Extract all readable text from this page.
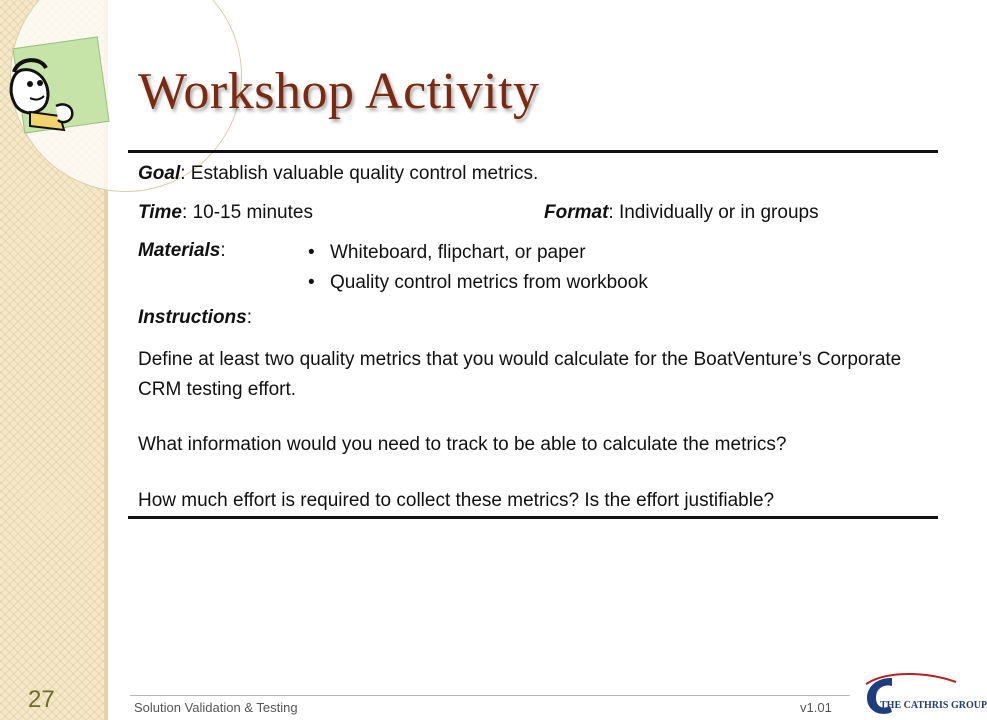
Workshop Activity
Goal: Establish valuable quality control metrics.
Time: 10-15 minutes	Format: Individually or in groups
Materials:
•	Whiteboard, flipchart, or paper
• Quality control metrics from workbook
Instructions:
Define at least two quality metrics that you would calculate for the BoatVenture’s Corporate CRM testing effort.
What information would you need to track to be able to calculate the metrics?
How much effort is required to collect these metrics? Is the effort justifiable?
27	Solution Validation & Testing	v1.01	THE CATHRIS GROUP
